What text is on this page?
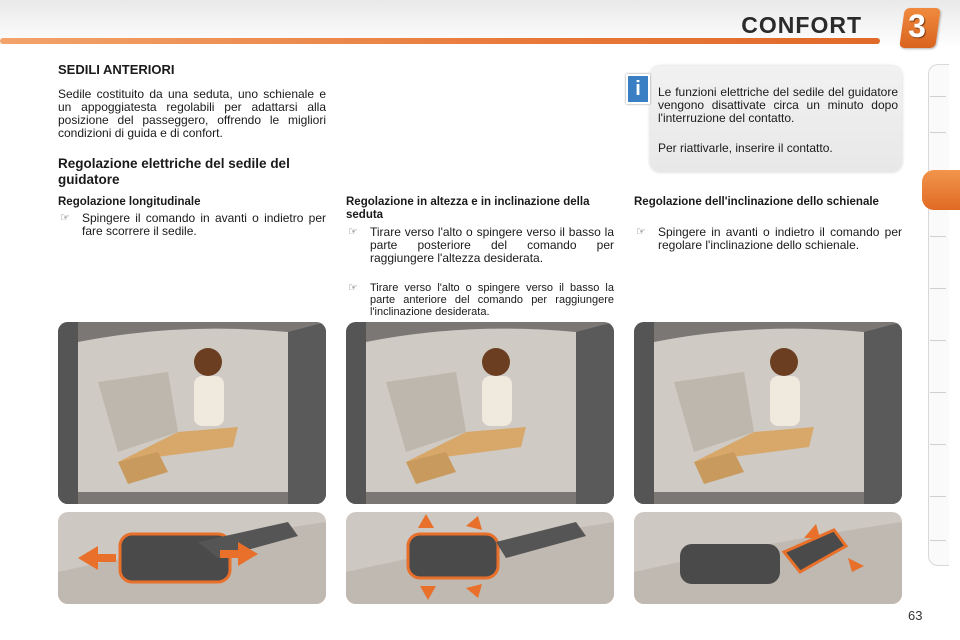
CONFORT 3
SEDILI ANTERIORI
Sedile costituito da una seduta, uno schienale e un appoggiatesta regolabili per adattarsi alla posizione del passeggero, offrendo le migliori condizioni di guida e di confort.
Regolazione elettriche del sedile del guidatore
i	Le funzioni elettriche del sedile del guidatore vengono disattivate circa un minuto dopo l'interruzione del contatto.
Per riattivarle, inserire il contatto.
Regolazione longitudinale
☞ Spingere il comando in avanti o indietro per fare scorrere il sedile.
Regolazione in altezza e in inclinazione della seduta
☞ Tirare verso l'alto o spingere verso il basso la parte posteriore del comando per raggiungere l'altezza desiderata.
☞ Tirare verso l'alto o spingere verso il basso la parte anteriore del comando per raggiungere l'inclinazione desiderata.
Regolazione dell'inclinazione dello schienale
☞ Spingere in avanti o indietro il comando per regolare l'inclinazione dello schienale.
63
